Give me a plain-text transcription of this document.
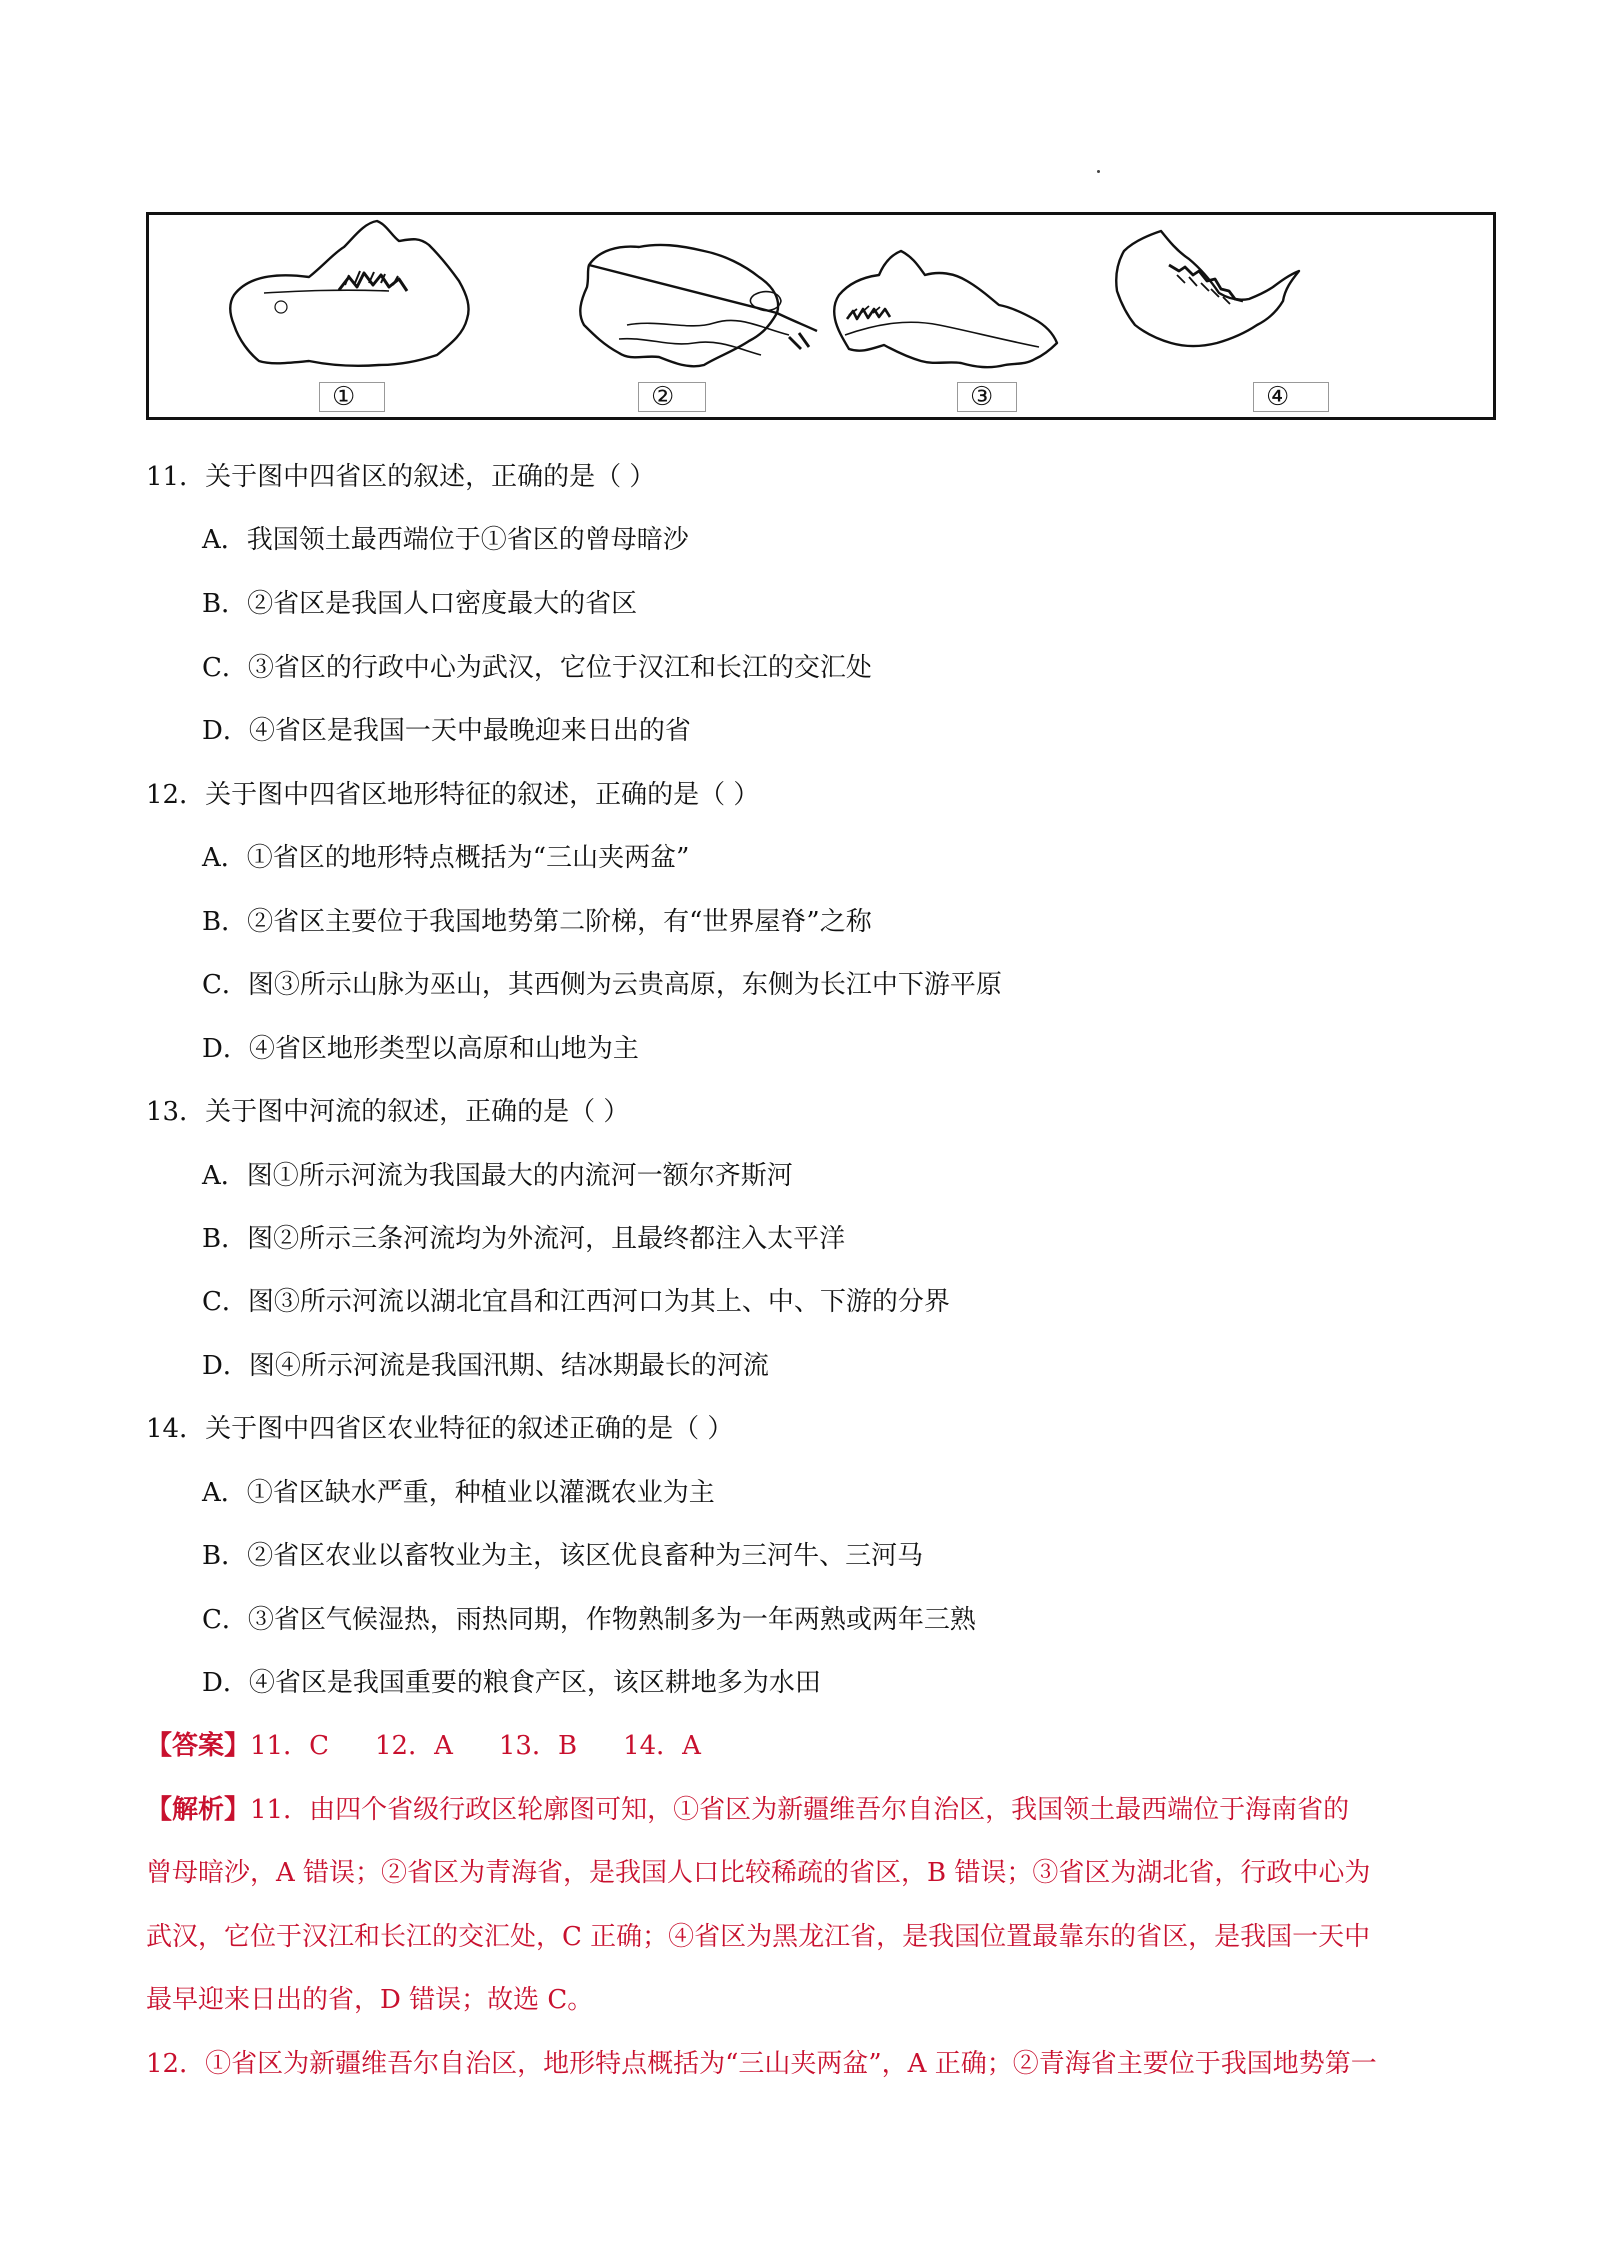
①	②	③	④
11．关于图中四省区的叙述，正确的是（ ）
A．我国领土最西端位于①省区的曾母暗沙
B．②省区是我国人口密度最大的省区
C．③省区的行政中心为武汉，它位于汉江和长江的交汇处
D．④省区是我国一天中最晚迎来日出的省
12．关于图中四省区地形特征的叙述，正确的是（ ）
A．①省区的地形特点概括为“三山夹两盆”
B．②省区主要位于我国地势第二阶梯，有“世界屋脊”之称
C．图③所示山脉为巫山，其西侧为云贵高原，东侧为长江中下游平原
D．④省区地形类型以高原和山地为主
13．关于图中河流的叙述，正确的是（ ）
A．图①所示河流为我国最大的内流河一额尔齐斯河
B．图②所示三条河流均为外流河，且最终都注入太平洋
C．图③所示河流以湖北宜昌和江西河口为其上、中、下游的分界
D．图④所示河流是我国汛期、结冰期最长的河流
14．关于图中四省区农业特征的叙述正确的是（ ）
A．①省区缺水严重，种植业以灌溉农业为主
B．②省区农业以畜牧业为主，该区优良畜种为三河牛、三河马
C．③省区气候湿热，雨热同期，作物熟制多为一年两熟或两年三熟
D．④省区是我国重要的粮食产区，该区耕地多为水田
【答案】11．C 12．A 13．B 14．A
【解析】11．由四个省级行政区轮廓图可知，①省区为新疆维吾尔自治区，我国领土最西端位于海南省的
曾母暗沙，A 错误；②省区为青海省，是我国人口比较稀疏的省区，B 错误；③省区为湖北省，行政中心为
武汉，它位于汉江和长江的交汇处，C 正确；④省区为黑龙江省，是我国位置最靠东的省区，是我国一天中
最早迎来日出的省，D 错误；故选 C。
12．①省区为新疆维吾尔自治区，地形特点概括为“三山夹两盆”，A 正确；②青海省主要位于我国地势第一
